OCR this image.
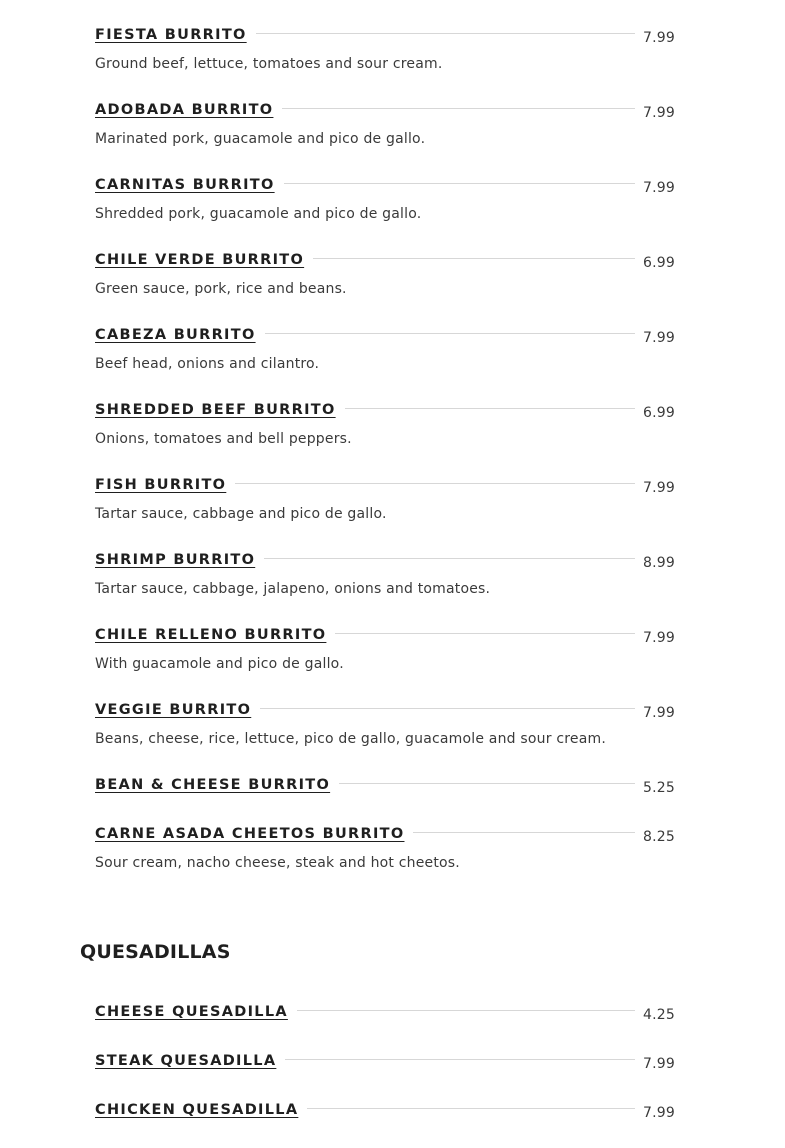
FIESTA BURRITO	7.99
Ground beef, lettuce, tomatoes and sour cream.
ADOBADA BURRITO	7.99
Marinated pork, guacamole and pico de gallo.
CARNITAS BURRITO	7.99
Shredded pork, guacamole and pico de gallo.
CHILE VERDE BURRITO	6.99
Green sauce, pork, rice and beans.
CABEZA BURRITO	7.99
Beef head, onions and cilantro.
SHREDDED BEEF BURRITO	6.99
Onions, tomatoes and bell peppers.
FISH BURRITO	7.99
Tartar sauce, cabbage and pico de gallo.
SHRIMP BURRITO	8.99
Tartar sauce, cabbage, jalapeno, onions and tomatoes.
CHILE RELLENO BURRITO	7.99
With guacamole and pico de gallo.
VEGGIE BURRITO	7.99
Beans, cheese, rice, lettuce, pico de gallo, guacamole and sour cream.
BEAN & CHEESE BURRITO	5.25
CARNE ASADA CHEETOS BURRITO	8.25
Sour cream, nacho cheese, steak and hot cheetos.
QUESADILLAS
CHEESE QUESADILLA	4.25
STEAK QUESADILLA	7.99
CHICKEN QUESADILLA	7.99
